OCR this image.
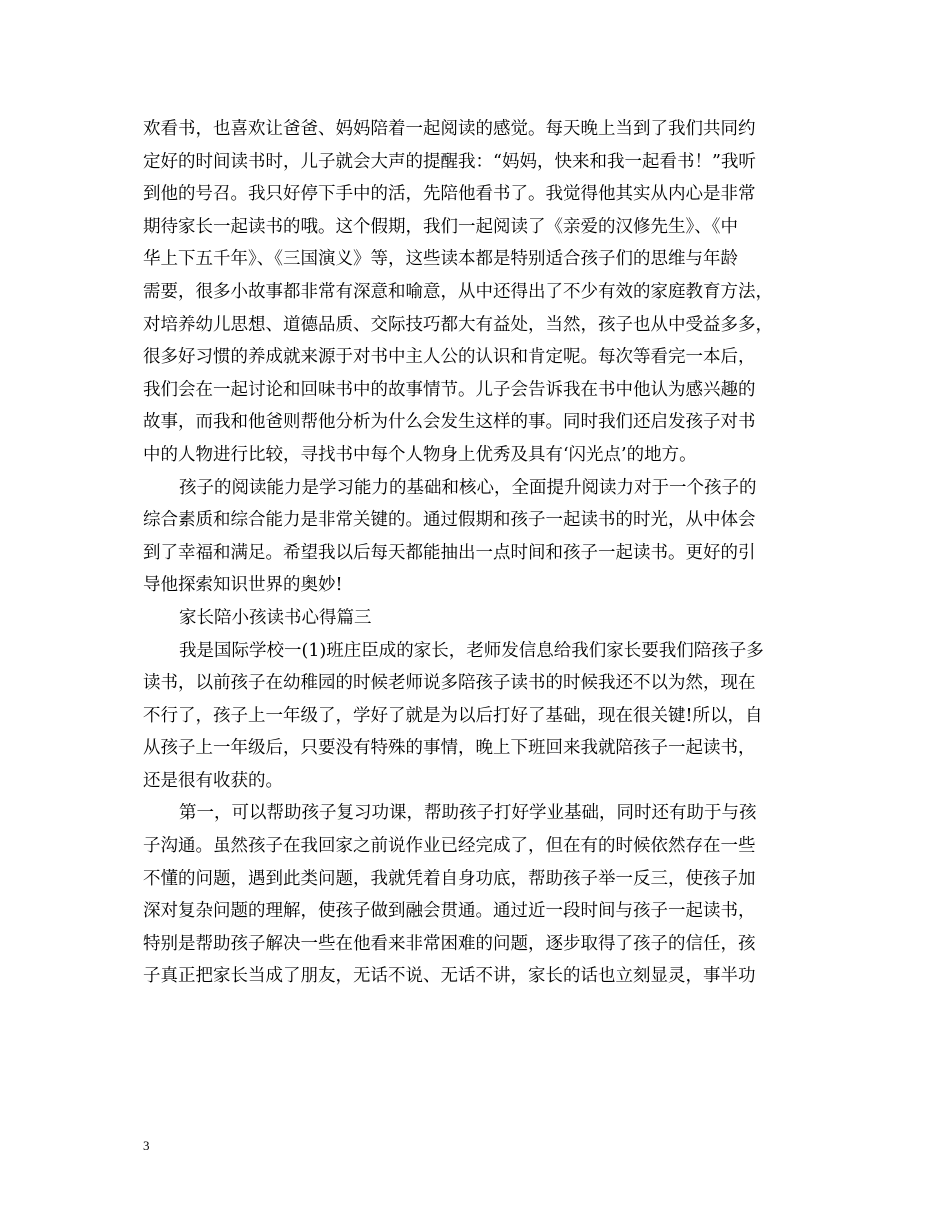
欢看书，也喜欢让爸爸、妈妈陪着一起阅读的感觉。每天晚上当到了我们共同约
定好的时间读书时，儿子就会大声的提醒我：“妈妈，快来和我一起看书！”我听
到他的号召。我只好停下手中的活，先陪他看书了。我觉得他其实从内心是非常
期待家长一起读书的哦。这个假期，我们一起阅读了《亲爱的汉修先生》、《中
华上下五千年》、《三国演义》等，这些读本都是特别适合孩子们的思维与年龄
需要，很多小故事都非常有深意和喻意，从中还得出了不少有效的家庭教育方法，
对培养幼儿思想、道德品质、交际技巧都大有益处，当然，孩子也从中受益多多，
很多好习惯的养成就来源于对书中主人公的认识和肯定呢。每次等看完一本后，
我们会在一起讨论和回味书中的故事情节。儿子会告诉我在书中他认为感兴趣的
故事，而我和他爸则帮他分析为什么会发生这样的事。同时我们还启发孩子对书
中的人物进行比较，寻找书中每个人物身上优秀及具有‘闪光点’的地方。
孩子的阅读能力是学习能力的基础和核心，全面提升阅读力对于一个孩子的
综合素质和综合能力是非常关键的。通过假期和孩子一起读书的时光，从中体会
到了幸福和满足。希望我以后每天都能抽出一点时间和孩子一起读书。更好的引
导他探索知识世界的奥妙!
家长陪小孩读书心得篇三
我是国际学校一(1)班庄臣成的家长，老师发信息给我们家长要我们陪孩子多
读书，以前孩子在幼稚园的时候老师说多陪孩子读书的时候我还不以为然，现在
不行了，孩子上一年级了，学好了就是为以后打好了基础，现在很关键!所以，自
从孩子上一年级后，只要没有特殊的事情，晚上下班回来我就陪孩子一起读书，
还是很有收获的。
第一，可以帮助孩子复习功课，帮助孩子打好学业基础，同时还有助于与孩
子沟通。虽然孩子在我回家之前说作业已经完成了，但在有的时候依然存在一些
不懂的问题，遇到此类问题，我就凭着自身功底，帮助孩子举一反三，使孩子加
深对复杂问题的理解，使孩子做到融会贯通。通过近一段时间与孩子一起读书，
特别是帮助孩子解决一些在他看来非常困难的问题，逐步取得了孩子的信任，孩
子真正把家长当成了朋友，无话不说、无话不讲，家长的话也立刻显灵，事半功
3
